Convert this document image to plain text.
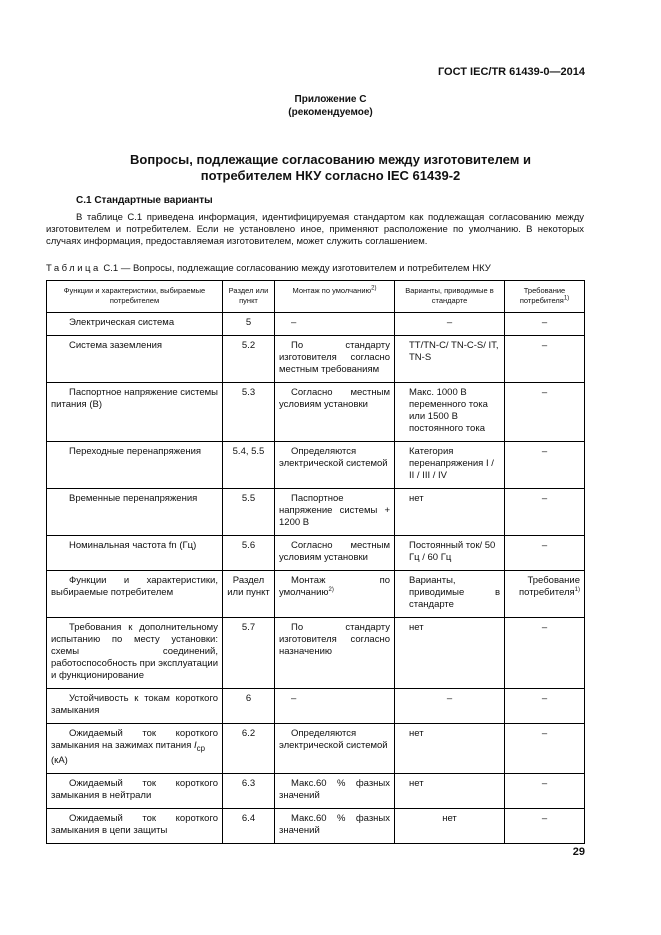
ГОСТ IEC/TR 61439-0—2014
Приложение С
(рекомендуемое)
Вопросы, подлежащие согласованию между изготовителем и
потребителем НКУ согласно IEC 61439-2
С.1 Стандартные варианты

В таблице С.1 приведена информация, идентифицируемая стандартом как подлежащая согласованию между изготовителем и потребителем. Если не установлено иное, применяют расположение по умолчанию. В некоторых случаях информация, предоставляемая изготовителем, может служить соглашением.

Таблица С.1 — Вопросы, подлежащие согласованию между изготовителем и потребителем НКУ
Функции и характеристики, выбираемые потребителем	Раздел или пункт	Монтаж по умолчанию$^{2)}$	Варианты, приводимые в стандарте	Требование потребителя$^{1)}$
Электрическая система	5	–	–	–
Система заземления	5.2	По стандарту изготовителя согласно местным требованиям	TT/TN-C/ TN-C-S/ IT, TN-S	–
Паспортное напряжение системы питания (В)	5.3	Согласно местным условиям установки	Макс. 1000 В переменного тока или 1500 В постоянного тока	–
Переходные перенапряжения	5.4, 5.5	Определяются электрической системой	Категория перенапряжения I / II / III / IV	–
Временные перенапряжения	5.5	Паспортное напряжение системы + 1200 В	нет	–
Номинальная частота fn (Гц)	5.6	Согласно местным условиям установки	Постоянный ток/ 50 Гц / 60 Гц	–
Функции и характеристики, выбираемые потребителем	Раздел или пункт	Монтаж по умолчанию$^{2)}$	Варианты, приводимые в стандарте	Требование потребителя$^{1)}$
Требования к дополнительному испытанию по месту установки: схемы соединений, работоспособность при эксплуатации и функционирование	5.7	По стандарту изготовителя согласно назначению	нет	–
Устойчивость к токам короткого замыкания	6	–	–	–
Ожидаемый ток короткого замыкания на зажимах питания $I_{cp}$
(кА)	6.2	Определяются электрической системой	нет	–
Ожидаемый ток короткого замыкания в нейтрали	6.3	Макс.60 % фазных значений	нет	–
Ожидаемый ток короткого замыкания в цепи защиты	6.4	Макс.60 % фазных значений	нет	–
29
